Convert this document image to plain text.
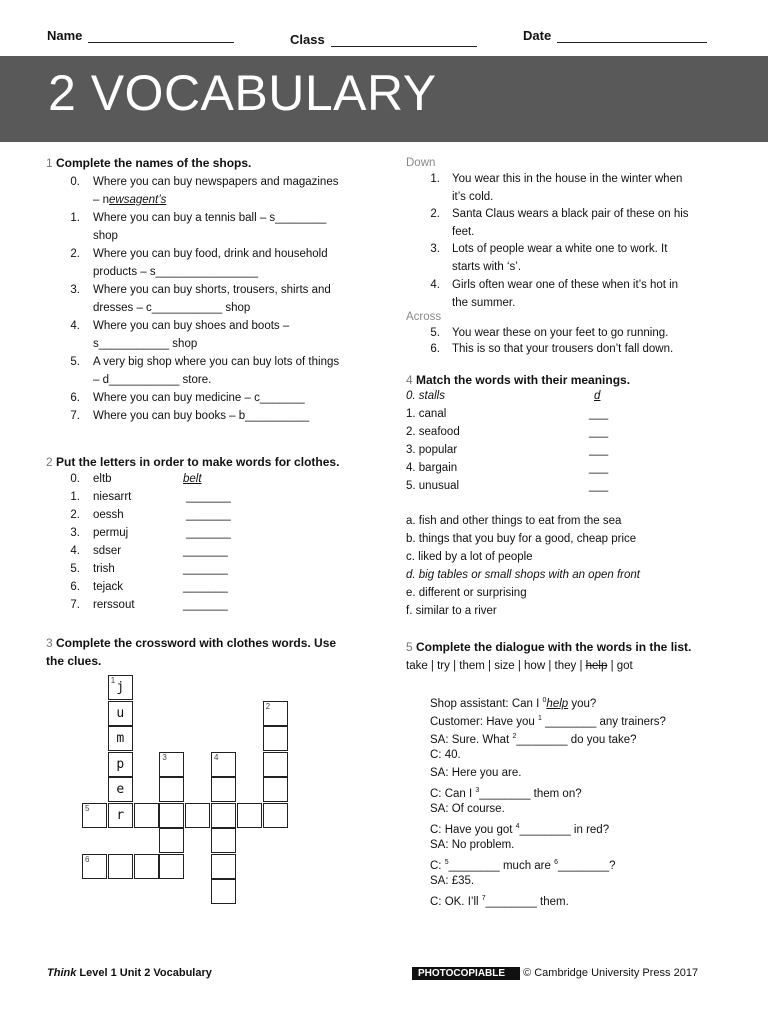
Name	Class	Date
2 VOCABULARY
1 Complete the names of the shops.
0. Where you can buy newspapers and magazines
– newsagent’s
1. Where you can buy a tennis ball – s________
shop
2. Where you can buy food, drink and household
products – s________________
3. Where you can buy shorts, trousers, shirts and
dresses – c___________ shop
4. Where you can buy shoes and boots –
s___________ shop
5. A very big shop where you can buy lots of things
– d___________ store.
6. Where you can buy medicine – c_______
7. Where you can buy books – b__________
2 Put the letters in order to make words for clothes.
0. eltb	belt
1. niesarrt	_______
2. oessh	_______
3. permuj	_______
4. sdser	_______
5. trish	_______
6. tejack	_______
7. rerssout	_______
3 Complete the crossword with clothes words. Use
the clues.
Down
1. You wear this in the house in the winter when
it’s cold.
2. Santa Claus wears a black pair of these on his
feet.
3. Lots of people wear a white one to work. It
starts with ‘s’.
4. Girls often wear one of these when it’s hot in
the summer.
Across
5. You wear these on your feet to go running.
6. This is so that your trousers don’t fall down.
4 Match the words with their meanings.
0. stalls	d
1. canal	___
2. seafood	___
3. popular	___
4. bargain	___
5. unusual	___
a. fish and other things to eat from the sea
b. things that you buy for a good, cheap price
c. liked by a lot of people
d. big tables or small shops with an open front
e. different or surprising
f. similar to a river
5 Complete the dialogue with the words in the list.
take | try | them | size | how | they | help | got
Shop assistant: Can I $^0$help you?
Customer: Have you $^1$ ________ any trainers?
SA: Sure. What $^2$________ do you take?
C: 40.
SA: Here you are.
C: Can I $^3$________ them on?
SA: Of course.
C: Have you got $^4$________ in red?
SA: No problem.
C: $^5$________ much are $^6$________?
SA: £35.
C: OK. I’ll $^7$________ them.
1 j
u
m
p
e
r
5
2
3	4
6
Think Level 1 Unit 2 Vocabulary	PHOTOCOPIABLE © Cambridge University Press 2017
